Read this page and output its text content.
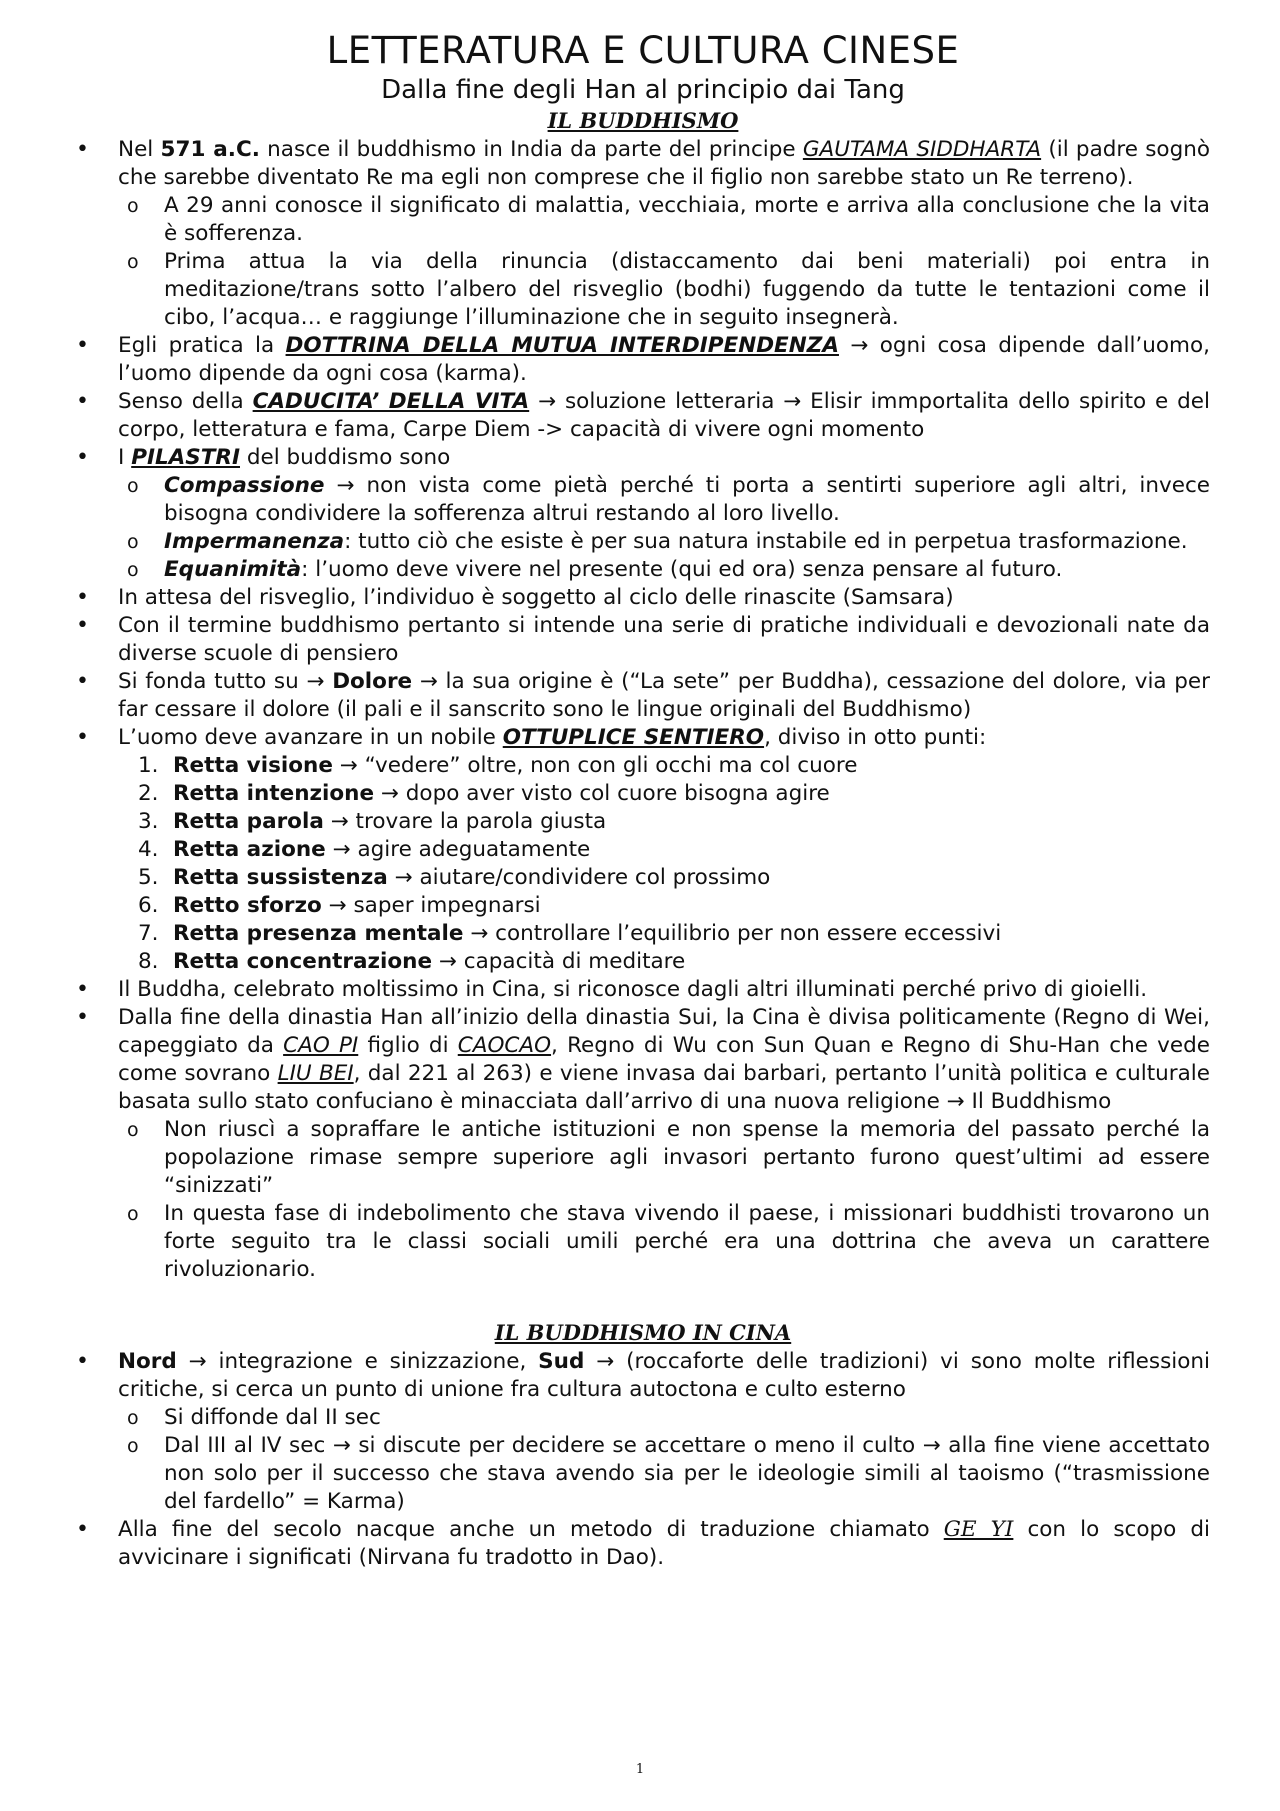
LETTERATURA E CULTURA CINESE

Dalla fine degli Han al principio dai Tang

IL BUDDHISMO

• Nel 571 a.C. nasce il buddhismo in India da parte del principe GAUTAMA SIDDHARTA (il padre sognò che sarebbe diventato Re ma egli non comprese che il figlio non sarebbe stato un Re terreno).
o A 29 anni conosce il significato di malattia, vecchiaia, morte e arriva alla conclusione che la vita è sofferenza.
o Prima attua la via della rinuncia (distaccamento dai beni materiali) poi entra in meditazione/trans sotto l’albero del risveglio (bodhi) fuggendo da tutte le tentazioni come il cibo, l’acqua… e raggiunge l’illuminazione che in seguito insegnerà.
• Egli pratica la DOTTRINA DELLA MUTUA INTERDIPENDENZA → ogni cosa dipende dall’uomo, l’uomo dipende da ogni cosa (karma).
• Senso della CADUCITA’ DELLA VITA → soluzione letteraria → Elisir immportalita dello spirito e del corpo, letteratura e fama, Carpe Diem -> capacità di vivere ogni momento
• I PILASTRI del buddismo sono
o Compassione → non vista come pietà perché ti porta a sentirti superiore agli altri, invece bisogna condividere la sofferenza altrui restando al loro livello.
o Impermanenza: tutto ciò che esiste è per sua natura instabile ed in perpetua trasformazione.
o Equanimità: l’uomo deve vivere nel presente (qui ed ora) senza pensare al futuro.
• In attesa del risveglio, l’individuo è soggetto al ciclo delle rinascite (Samsara)
• Con il termine buddhismo pertanto si intende una serie di pratiche individuali e devozionali nate da diverse scuole di pensiero
• Si fonda tutto su → Dolore → la sua origine è (“La sete” per Buddha), cessazione del dolore, via per far cessare il dolore (il pali e il sanscrito sono le lingue originali del Buddhismo)
• L’uomo deve avanzare in un nobile OTTUPLICE SENTIERO, diviso in otto punti:
1. Retta visione → “vedere” oltre, non con gli occhi ma col cuore
2. Retta intenzione → dopo aver visto col cuore bisogna agire
3. Retta parola → trovare la parola giusta
4. Retta azione → agire adeguatamente
5. Retta sussistenza → aiutare/condividere col prossimo
6. Retto sforzo → saper impegnarsi
7. Retta presenza mentale → controllare l’equilibrio per non essere eccessivi
8. Retta concentrazione → capacità di meditare
• Il Buddha, celebrato moltissimo in Cina, si riconosce dagli altri illuminati perché privo di gioielli.
• Dalla fine della dinastia Han all’inizio della dinastia Sui, la Cina è divisa politicamente (Regno di Wei, capeggiato da CAO PI figlio di CAOCAO, Regno di Wu con Sun Quan e Regno di Shu-Han che vede come sovrano LIU BEI, dal 221 al 263) e viene invasa dai barbari, pertanto l’unità politica e culturale basata sullo stato confuciano è minacciata dall’arrivo di una nuova religione → Il Buddhismo
o Non riuscì a sopraffare le antiche istituzioni e non spense la memoria del passato perché la popolazione rimase sempre superiore agli invasori pertanto furono quest’ultimi ad essere “sinizzati”
o In questa fase di indebolimento che stava vivendo il paese, i missionari buddhisti trovarono un forte seguito tra le classi sociali umili perché era una dottrina che aveva un carattere rivoluzionario.

IL BUDDHISMO IN CINA

• Nord → integrazione e sinizzazione, Sud → (roccaforte delle tradizioni) vi sono molte riflessioni critiche, si cerca un punto di unione fra cultura autoctona e culto esterno
o Si diffonde dal II sec
o Dal III al IV sec → si discute per decidere se accettare o meno il culto → alla fine viene accettato non solo per il successo che stava avendo sia per le ideologie simili al taoismo (“trasmissione del fardello” = Karma)
• Alla fine del secolo nacque anche un metodo di traduzione chiamato GE YI con lo scopo di avvicinare i significati (Nirvana fu tradotto in Dao).
1
